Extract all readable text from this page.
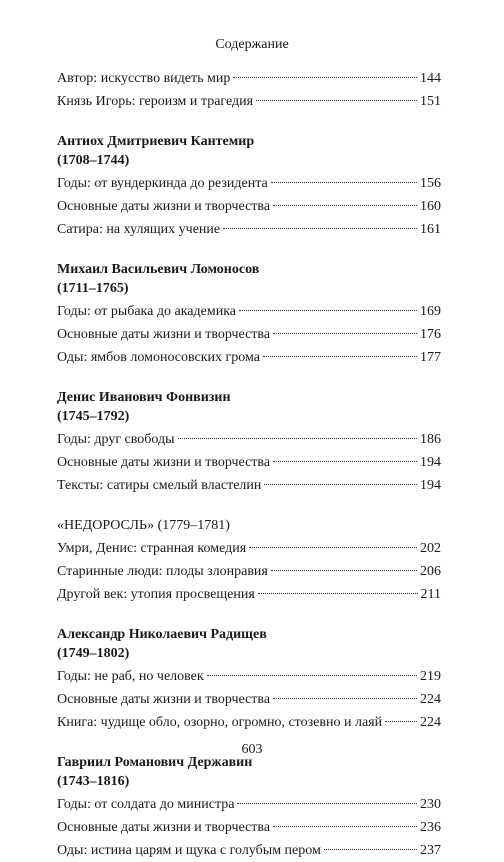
Содержание
Автор: искусство видеть мир	144
Князь Игорь: героизм и трагедия	151
Антиох Дмитриевич Кантемир
(1708–1744)
Годы: от вундеркинда до резидента	156
Основные даты жизни и творчества	160
Сатира: на хулящих учение	161
Михаил Васильевич Ломоносов
(1711–1765)
Годы: от рыбака до академика	169
Основные даты жизни и творчества	176
Оды: ямбов ломоносовских грома	177
Денис Иванович Фонвизин
(1745–1792)
Годы: друг свободы	186
Основные даты жизни и творчества	194
Тексты: сатиры смелый властелин	194
«НЕДОРОСЛЬ» (1779–1781)
Умри, Денис: странная комедия	202
Старинные люди: плоды злонравия	206
Другой век: утопия просвещения	211
Александр Николаевич Радищев
(1749–1802)
Годы: не раб, но человек	219
Основные даты жизни и творчества	224
Книга: чудище обло, озорно, огромно, стозевно и лаяй	224
Гавриил Романович Державин
(1743–1816)
Годы: от солдата до министра	230
Основные даты жизни и творчества	236
Оды: истина царям и щука с голубым пером	237
603
